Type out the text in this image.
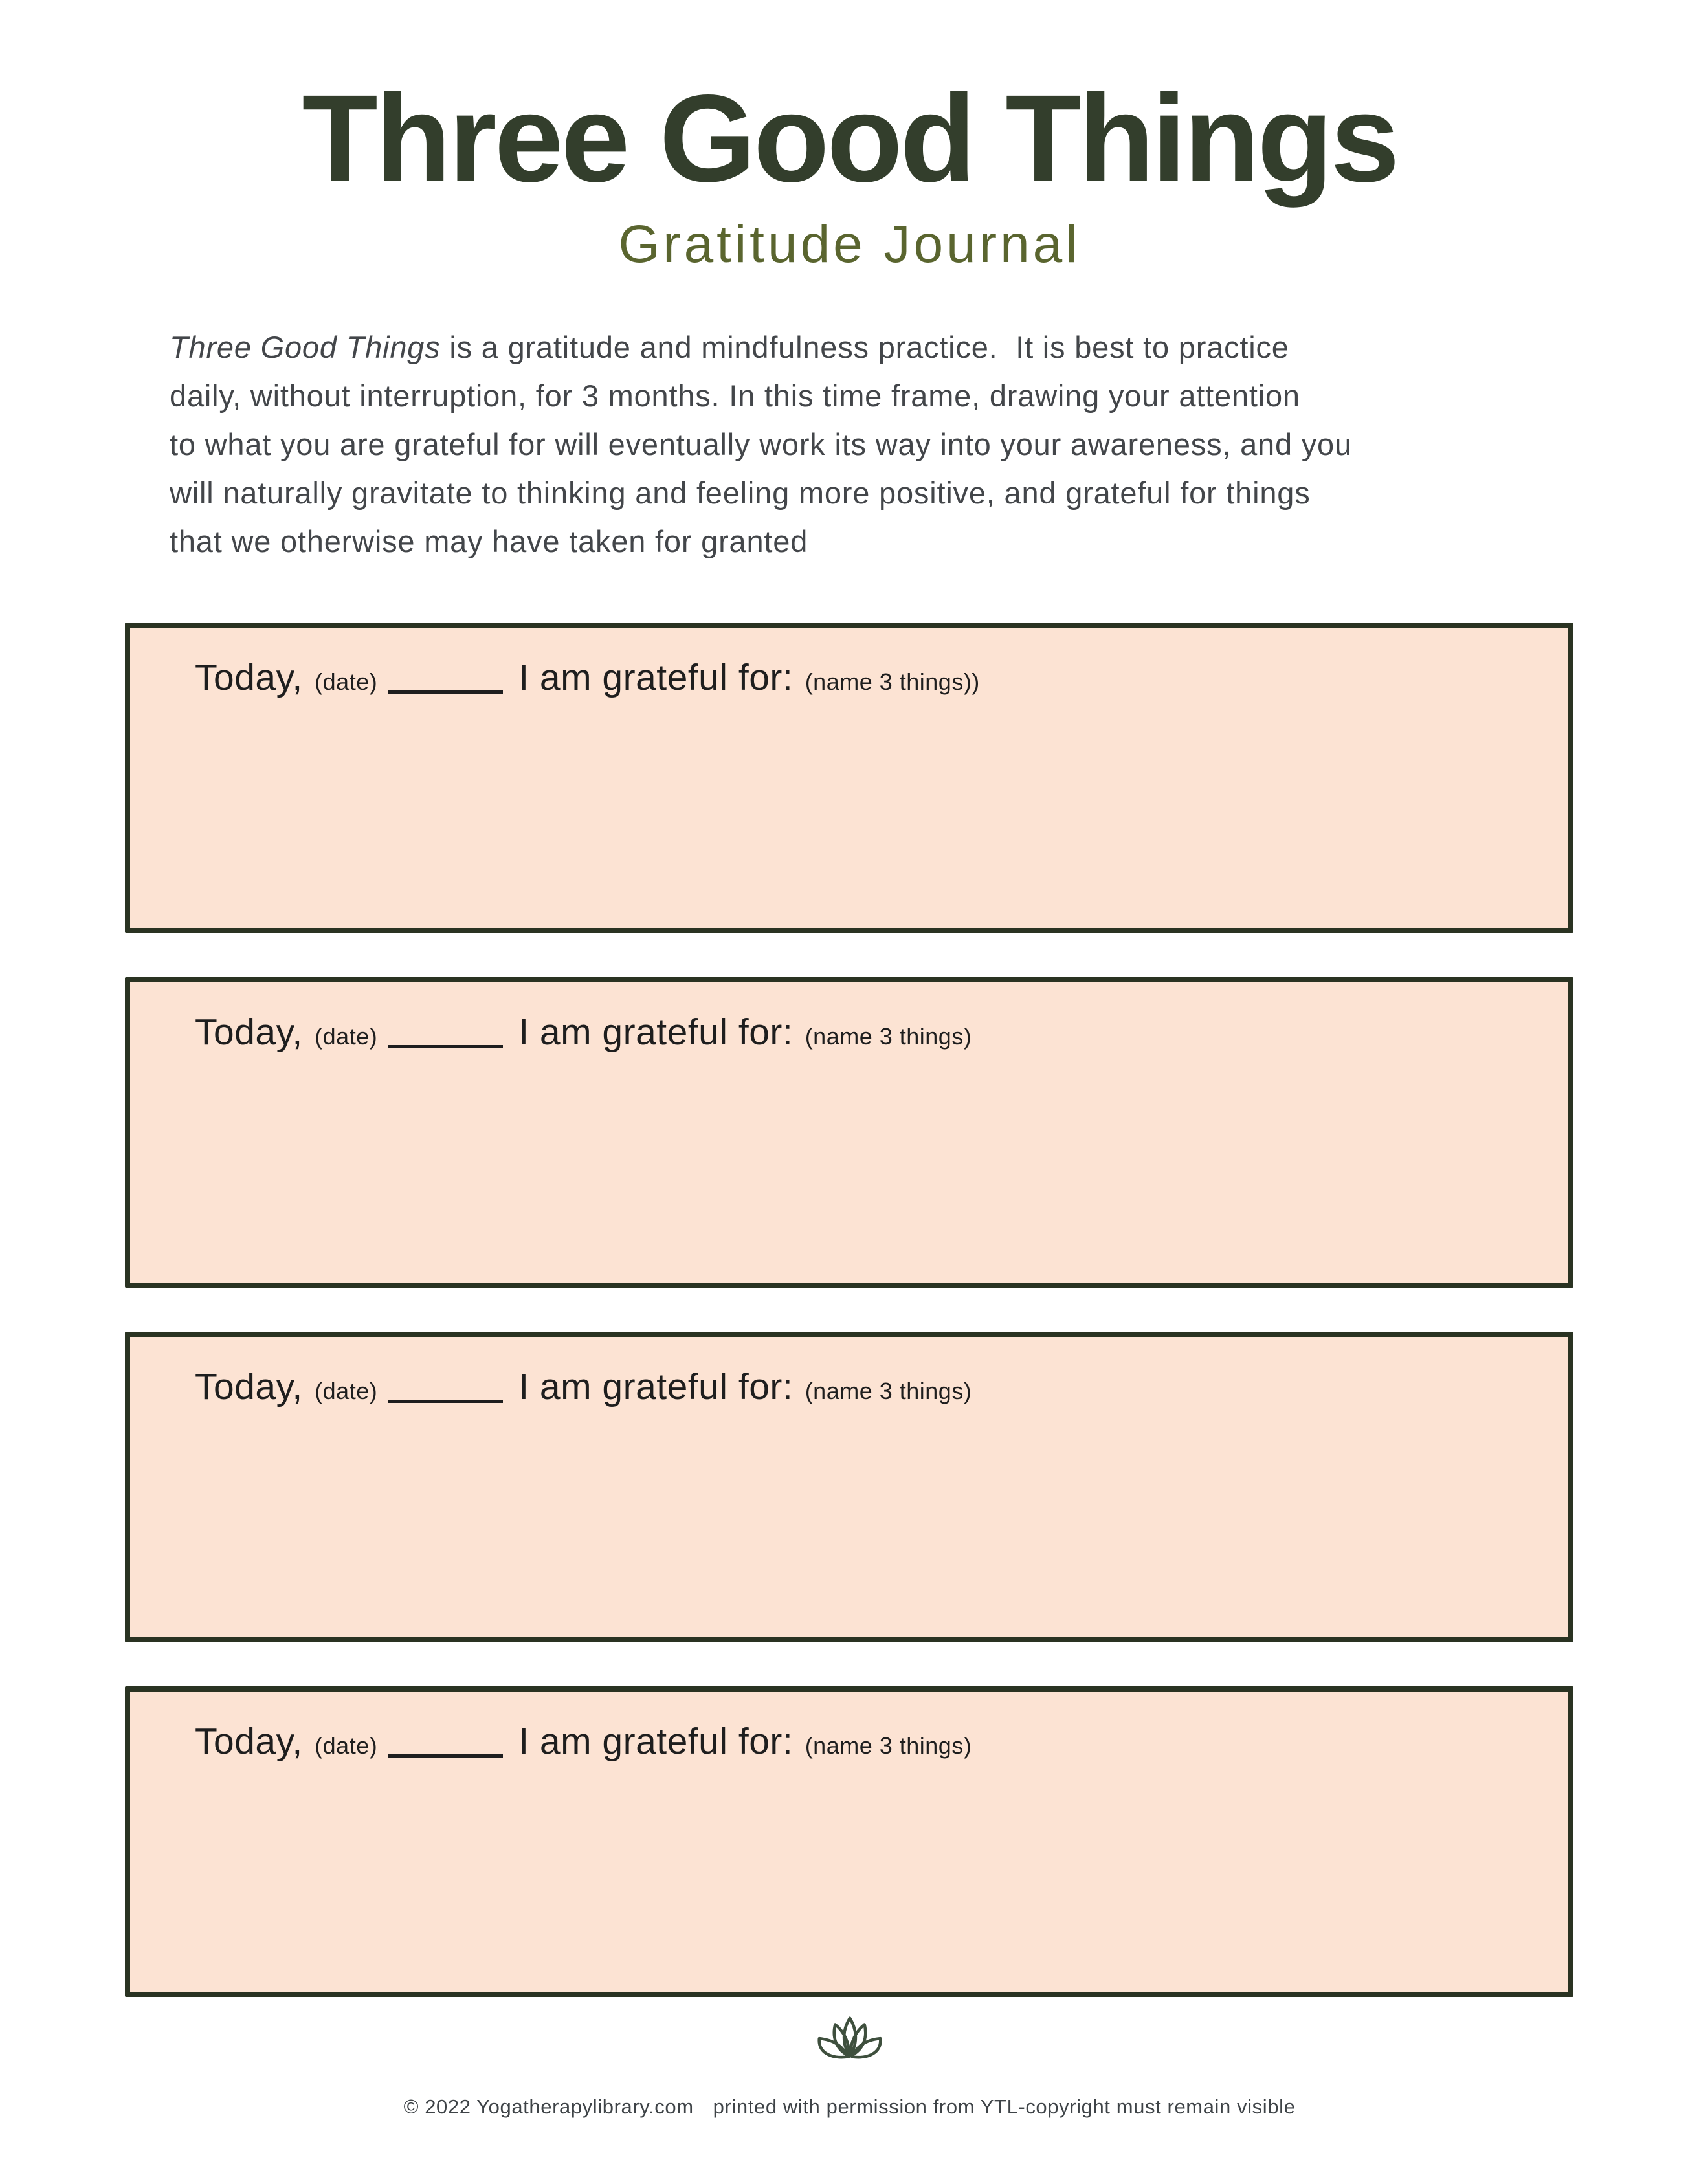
Three Good Things
Gratitude Journal
Three Good Things is a gratitude and mindfulness practice.  It is best to practice
daily, without interruption, for 3 months. In this time frame, drawing your attention
to what you are grateful for will eventually work its way into your awareness, and you
will naturally gravitate to thinking and feeling more positive, and grateful for things
that we otherwise may have taken for granted
Today, (date)	I am grateful for: (name 3 things))
Today, (date)	I am grateful for: (name 3 things)
Today, (date)	I am grateful for: (name 3 things)
Today, (date)	I am grateful for: (name 3 things)
© 2022 Yogatherapylibrary.com printed with permission from YTL-copyright must remain visible
